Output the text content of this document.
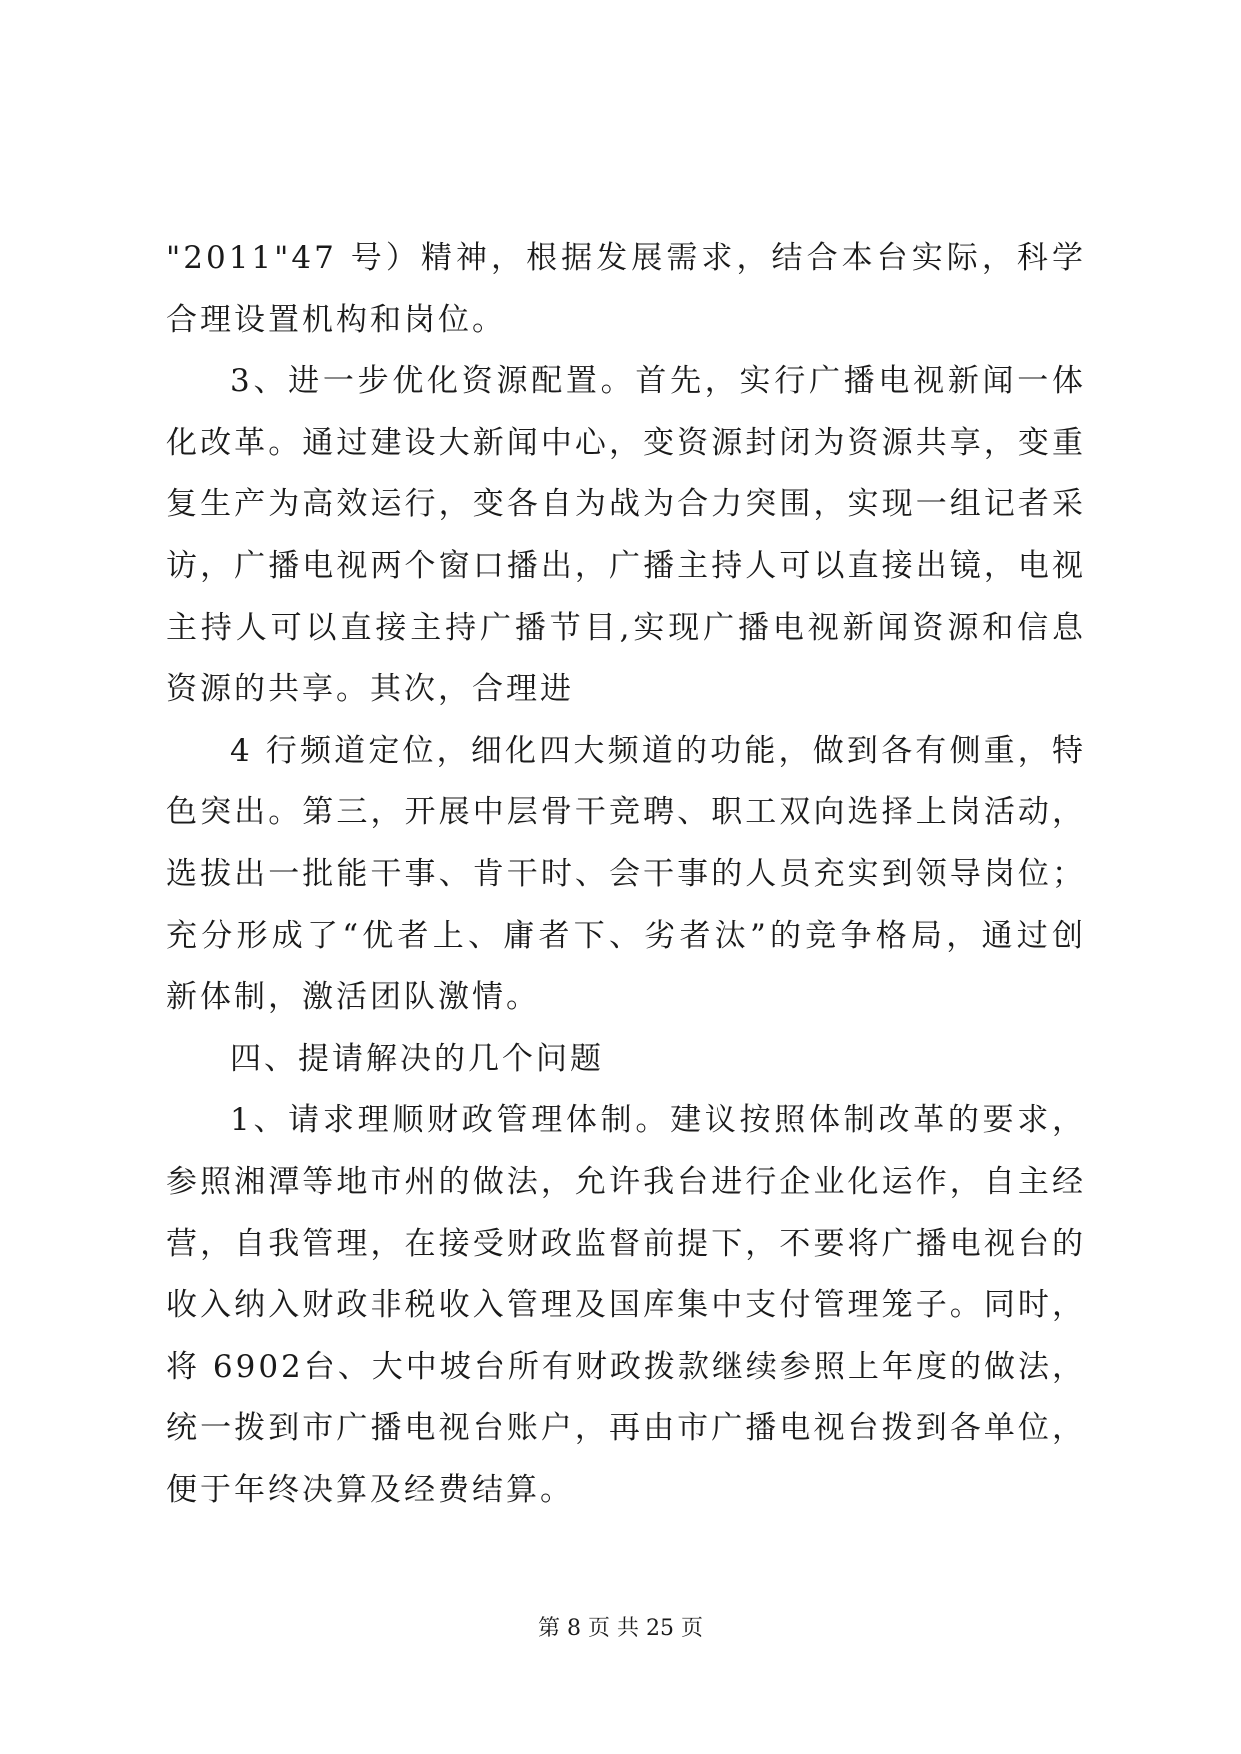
"2011"47 号）精神，根据发展需求，结合本台实际，科学合理设置机构和岗位。

3、进一步优化资源配置。首先，实行广播电视新闻一体化改革。通过建设大新闻中心，变资源封闭为资源共享，变重复生产为高效运行，变各自为战为合力突围，实现一组记者采访，广播电视两个窗口播出，广播主持人可以直接出镜，电视主持人可以直接主持广播节目,实现广播电视新闻资源和信息资源的共享。其次，合理进

4 行频道定位，细化四大频道的功能，做到各有侧重，特色突出。第三，开展中层骨干竞聘、职工双向选择上岗活动，选拔出一批能干事、肯干时、会干事的人员充实到领导岗位；充分形成了“优者上、庸者下、劣者汰”的竞争格局，通过创新体制，激活团队激情。

四、提请解决的几个问题

1、请求理顺财政管理体制。建议按照体制改革的要求，参照湘潭等地市州的做法，允许我台进行企业化运作，自主经营，自我管理，在接受财政监督前提下，不要将广播电视台的收入纳入财政非税收入管理及国库集中支付管理笼子。同时，将 6902台、大中坡台所有财政拨款继续参照上年度的做法，统一拨到市广播电视台账户，再由市广播电视台拨到各单位，便于年终决算及经费结算。

第 8 页 共 25 页
